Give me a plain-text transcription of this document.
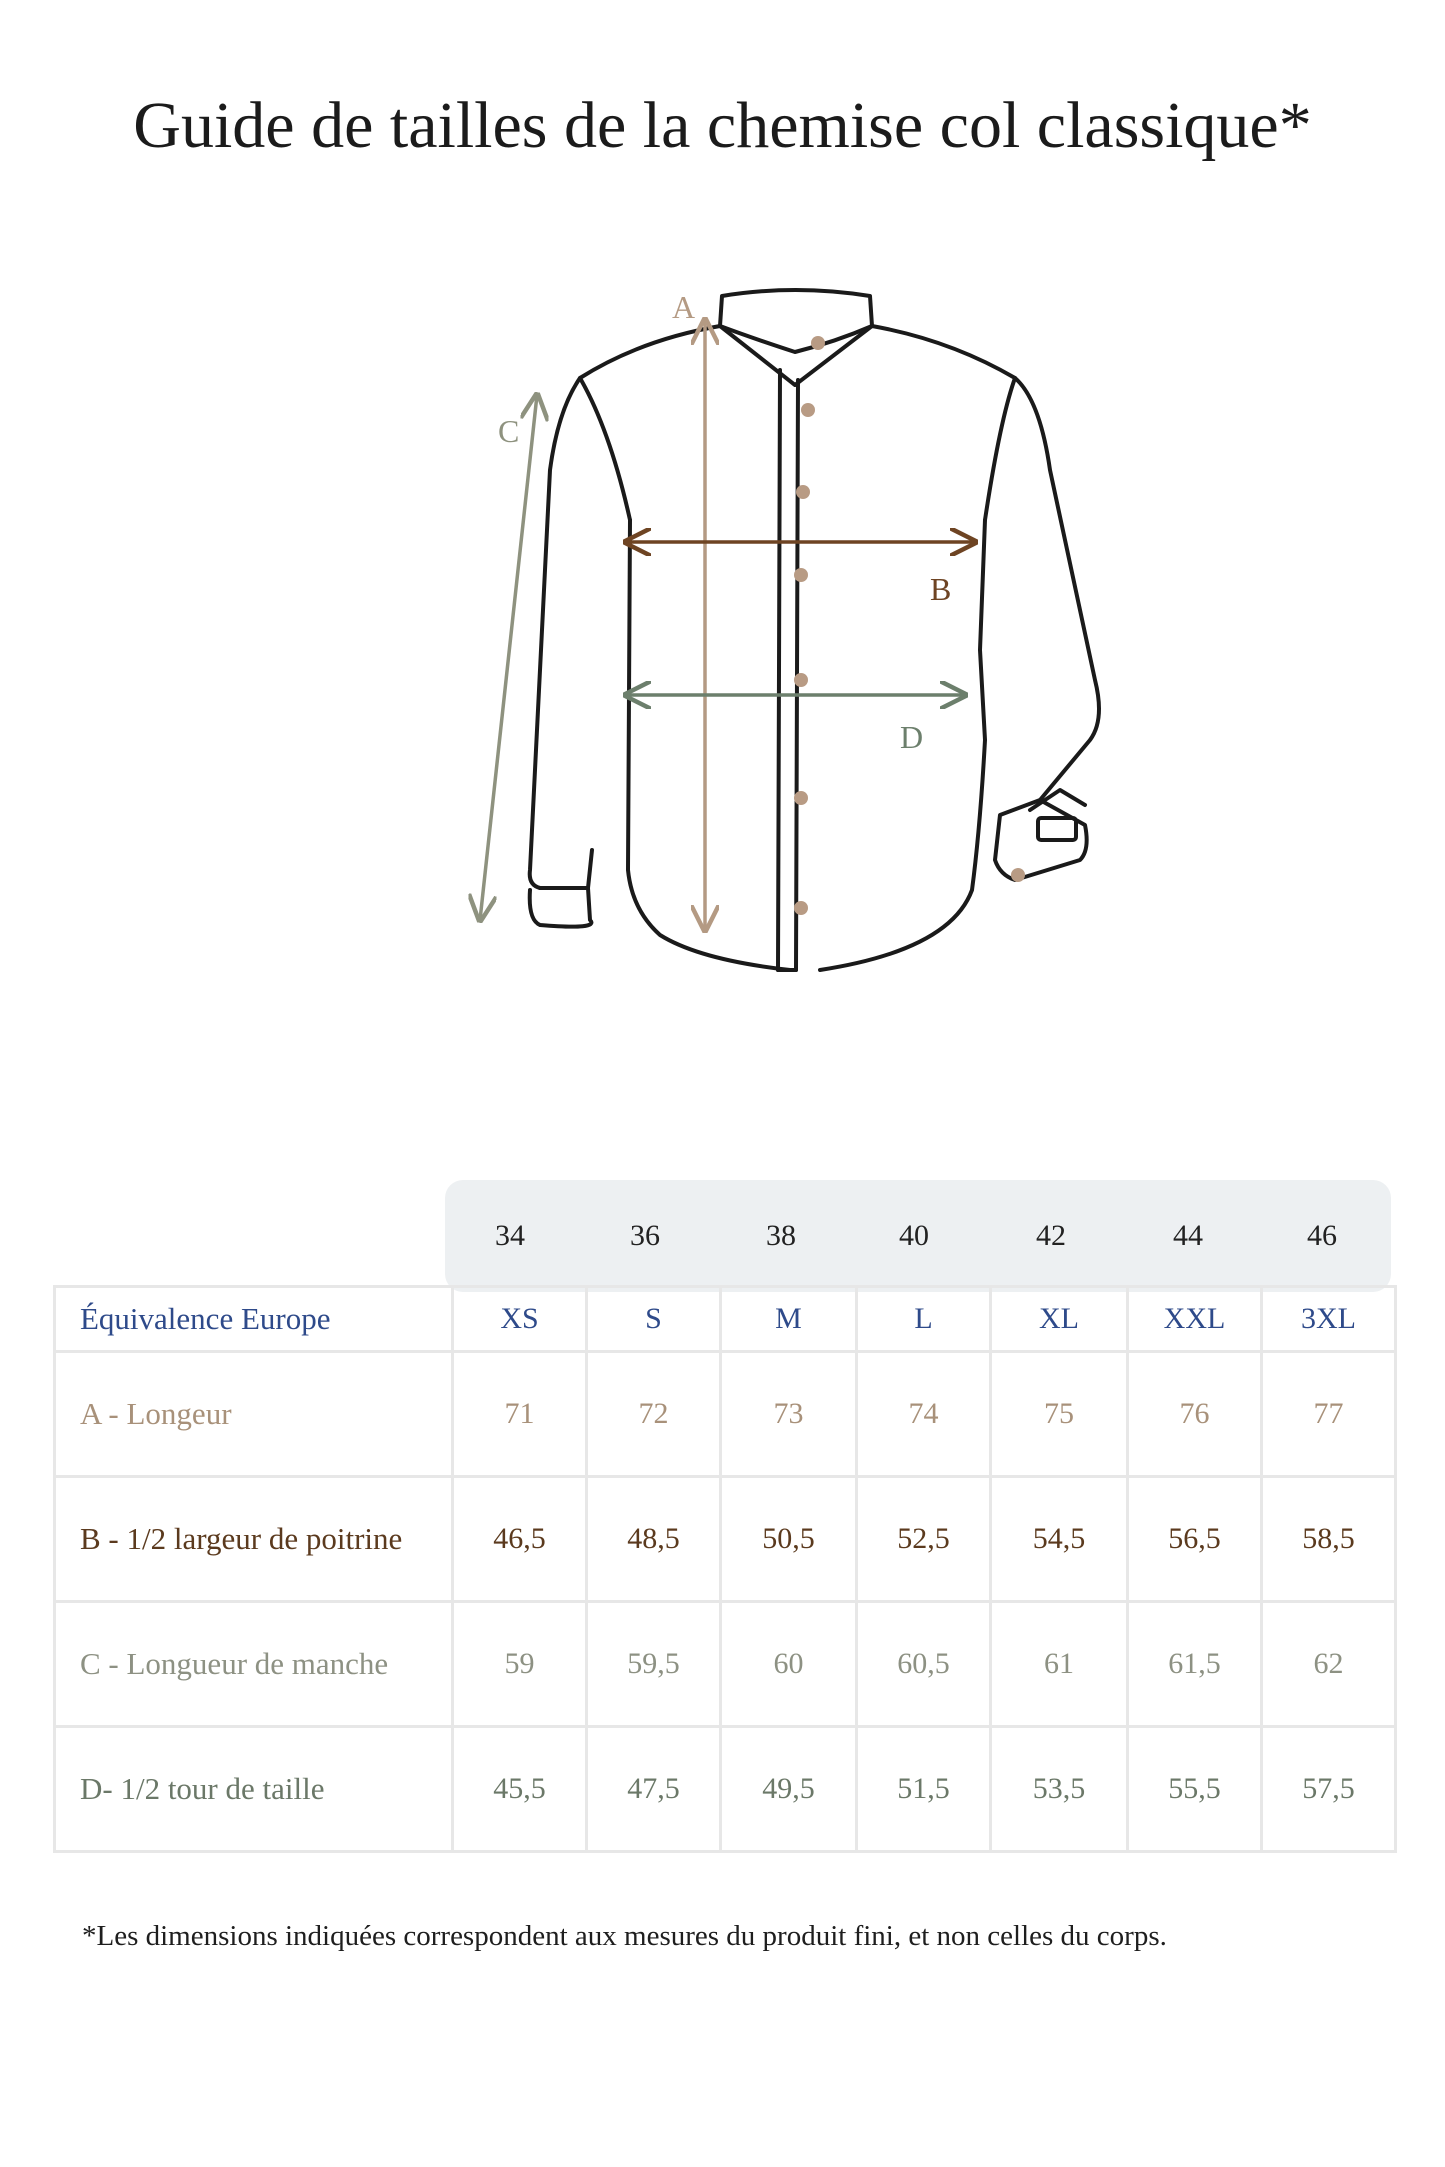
Guide de tailles de la chemise col classique*
A
B
C
D
34	36	38	40	42	44	46
Équivalence Europe	XS	S	M	L	XL	XXL	3XL
A - Longeur	71	72	73	74	75	76	77
B - 1/2 largeur de poitrine	46,5	48,5	50,5	52,5	54,5	56,5	58,5
C - Longueur de manche	59	59,5	60	60,5	61	61,5	62
D- 1/2 tour de taille	45,5	47,5	49,5	51,5	53,5	55,5	57,5
*Les dimensions indiquées correspondent aux mesures du produit fini, et non celles du corps.
